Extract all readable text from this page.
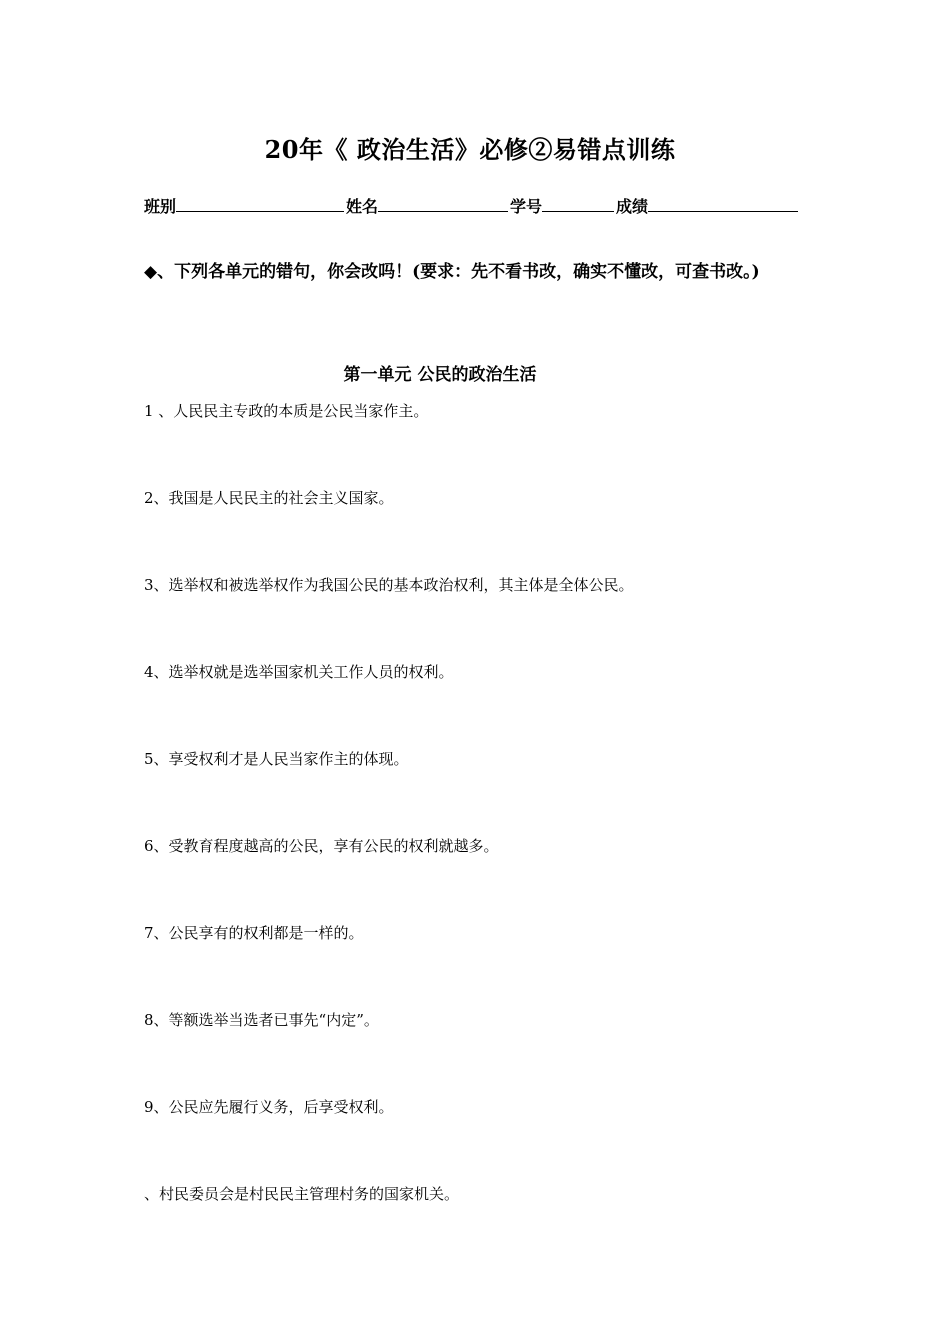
20年《 政治生活》必修②易错点训练
班别	姓名	学号	成绩
◆、下列各单元的错句，你会改吗！(要求：先不看书改，确实不懂改，可查书改。)
第一单元 公民的政治生活
1 、人民民主专政的本质是公民当家作主。
2、我国是人民民主的社会主义国家。
3、选举权和被选举权作为我国公民的基本政治权利，其主体是全体公民。
4、选举权就是选举国家机关工作人员的权利。
5、享受权利才是人民当家作主的体现。
6、受教育程度越高的公民，享有公民的权利就越多。
7、公民享有的权利都是一样的。
8、等额选举当选者已事先“内定”。
9、公民应先履行义务，后享受权利。
、村民委员会是村民民主管理村务的国家机关。
